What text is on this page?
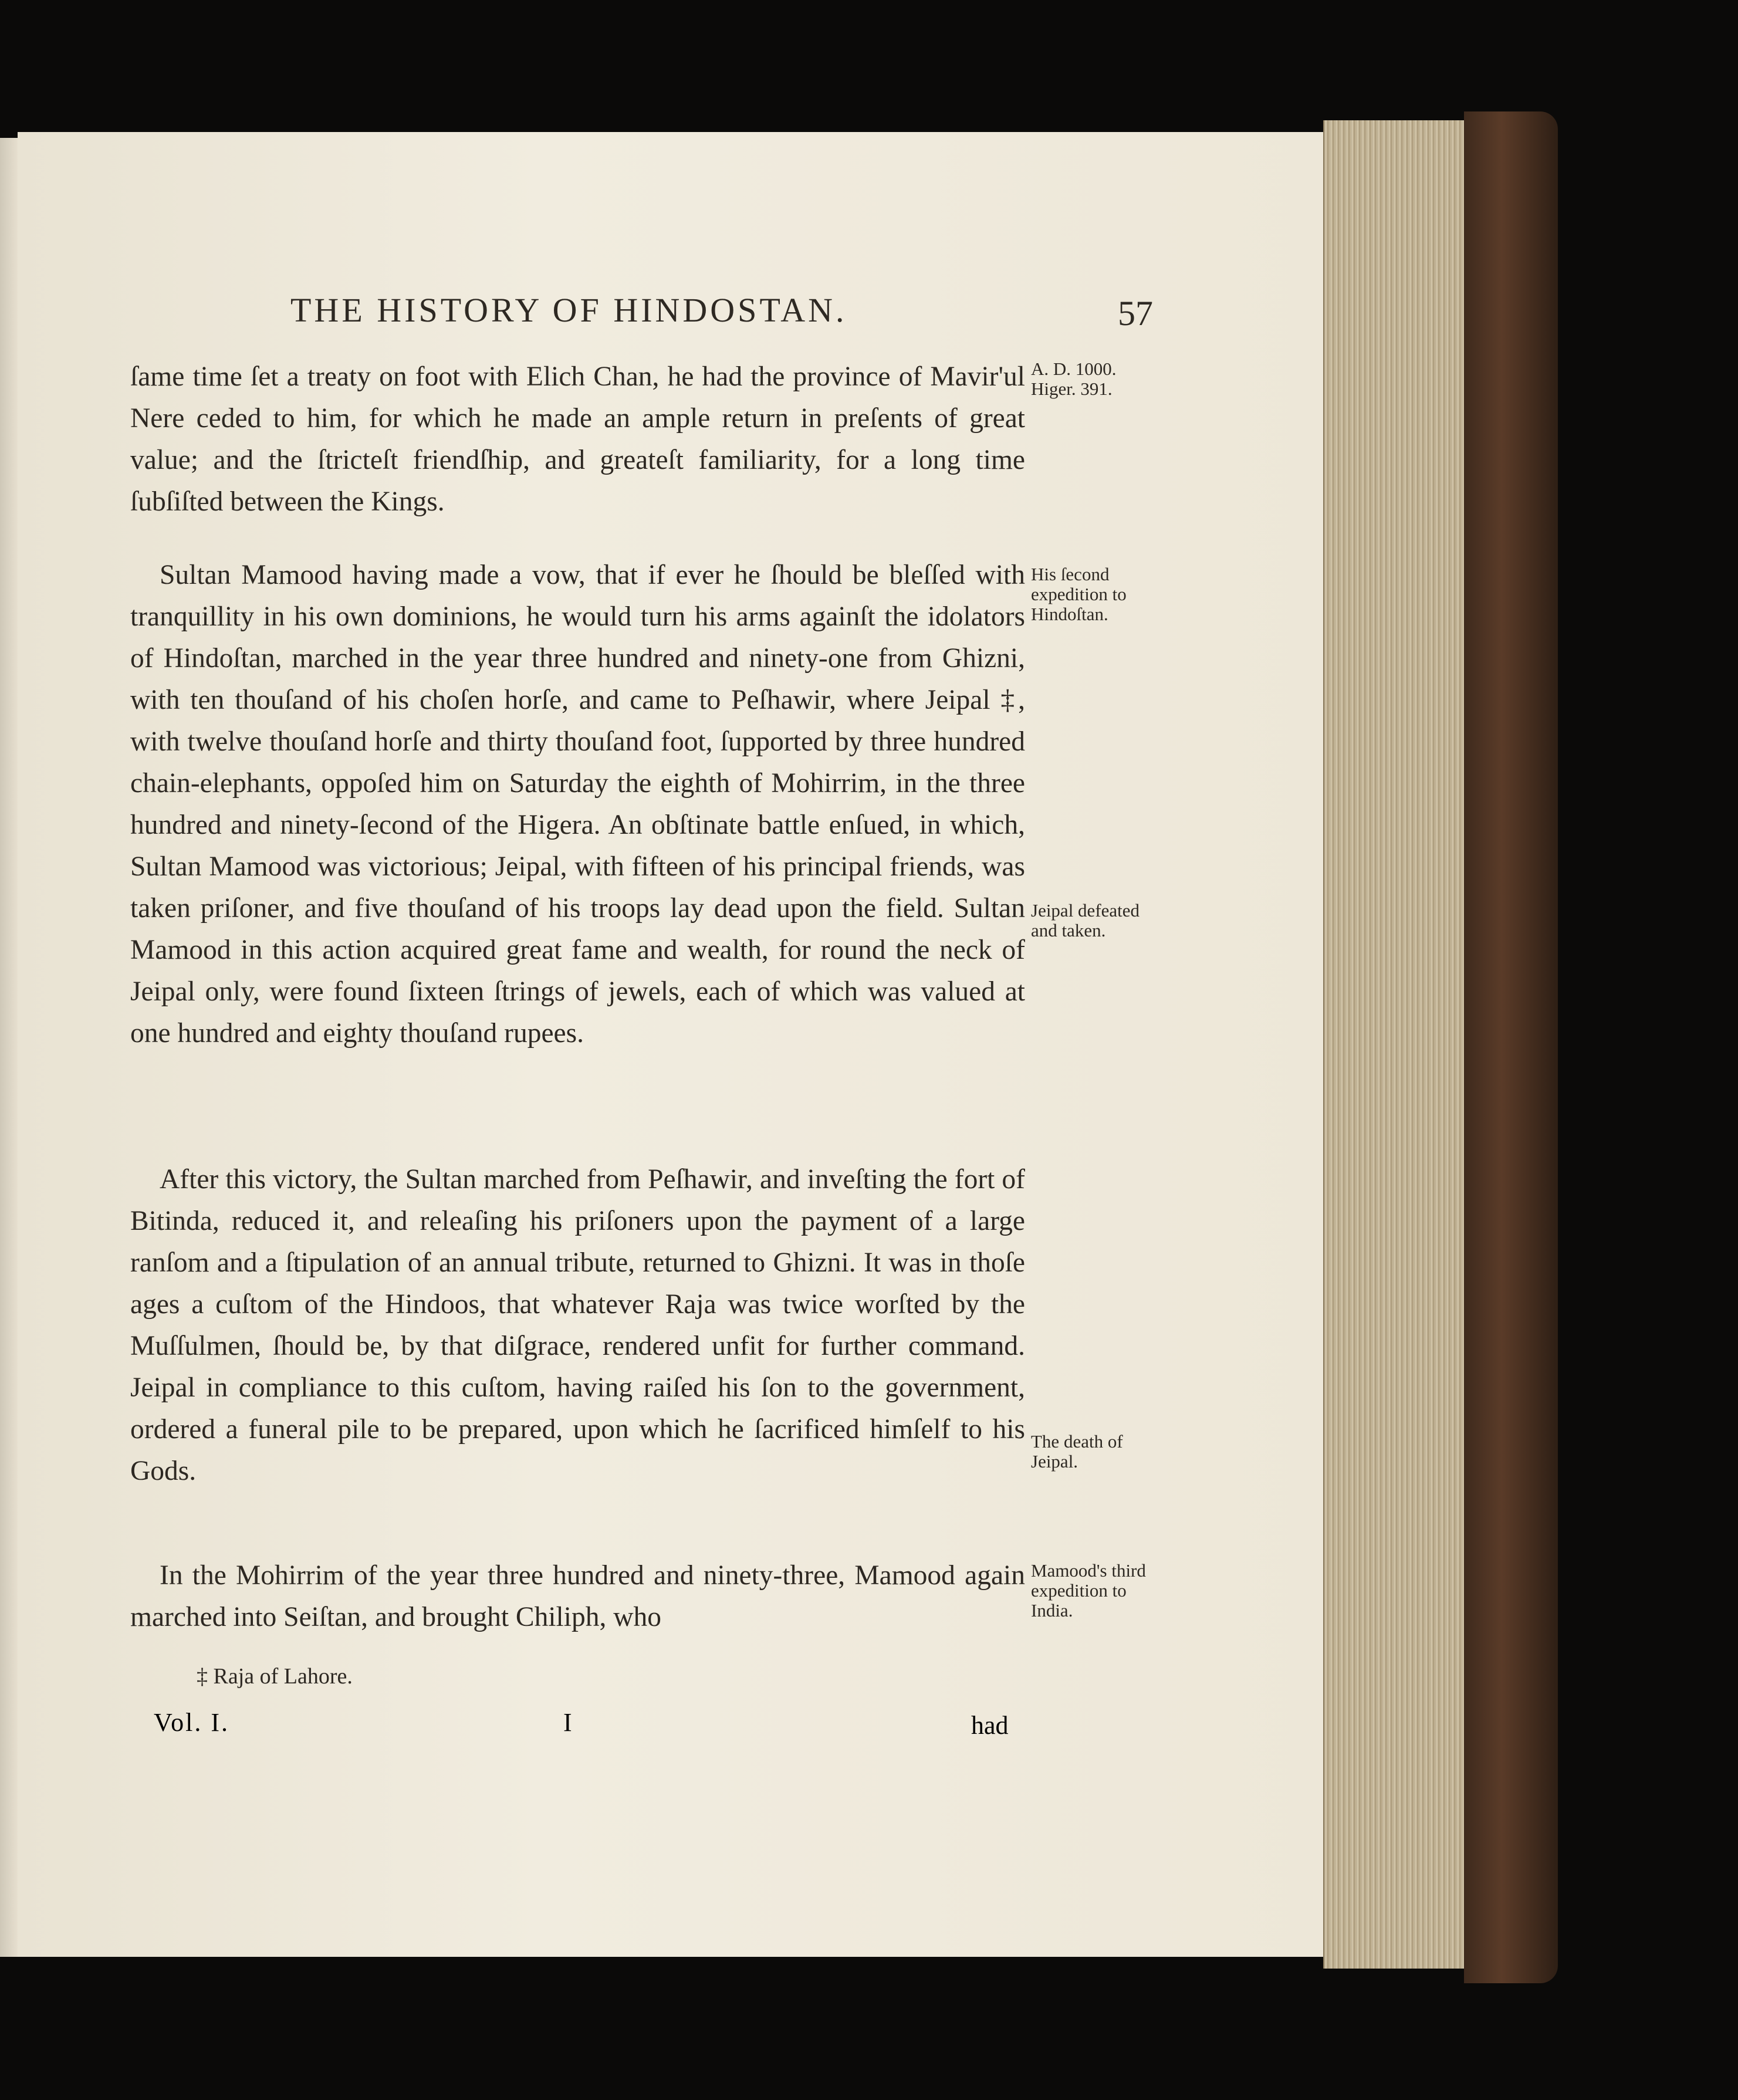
THE HISTORY OF HINDOSTAN.	57

ſame time ſet a treaty on foot with Elich Chan, he had the province of Mavir'ul Nere ceded to him, for which he made an ample return in preſents of great value; and the ſtricteſt friendſhip, and greateſt familiarity, for a long time ſubſiſted between the Kings.

Sultan Mamood having made a vow, that if ever he ſhould be bleſſed with tranquillity in his own dominions, he would turn his arms againſt the idolators of Hindoſtan, marched in the year three hundred and ninety-one from Ghizni, with ten thouſand of his choſen horſe, and came to Peſhawir, where Jeipal ‡, with twelve thouſand horſe and thirty thouſand foot, ſupported by three hundred chain-elephants, oppoſed him on Saturday the eighth of Mohirrim, in the three hundred and ninety-ſecond of the Higera. An obſtinate battle enſued, in which, Sultan Mamood was victorious; Jeipal, with fifteen of his principal friends, was taken priſoner, and five thouſand of his troops lay dead upon the field. Sultan Mamood in this action acquired great fame and wealth, for round the neck of Jeipal only, were found ſixteen ſtrings of jewels, each of which was valued at one hundred and eighty thouſand rupees.

After this victory, the Sultan marched from Peſhawir, and inveſting the fort of Bitinda, reduced it, and releaſing his priſoners upon the payment of a large ranſom and a ſtipulation of an annual tribute, returned to Ghizni. It was in thoſe ages a cuſtom of the Hindoos, that whatever Raja was twice worſted by the Muſſulmen, ſhould be, by that diſgrace, rendered unfit for further command. Jeipal in compliance to this cuſtom, having raiſed his ſon to the government, ordered a funeral pile to be prepared, upon which he ſacrificed himſelf to his Gods.

In the Mohirrim of the year three hundred and ninety-three, Mamood again marched into Seiſtan, and brought Chiliph, who

A. D. 1000. Higer. 391.
His ſecond expedition to Hindoſtan.
Jeipal defeated and taken.
The death of Jeipal.
Mamood's third expedition to India.
‡ Raja of Lahore.
Vol. I.	I	had
